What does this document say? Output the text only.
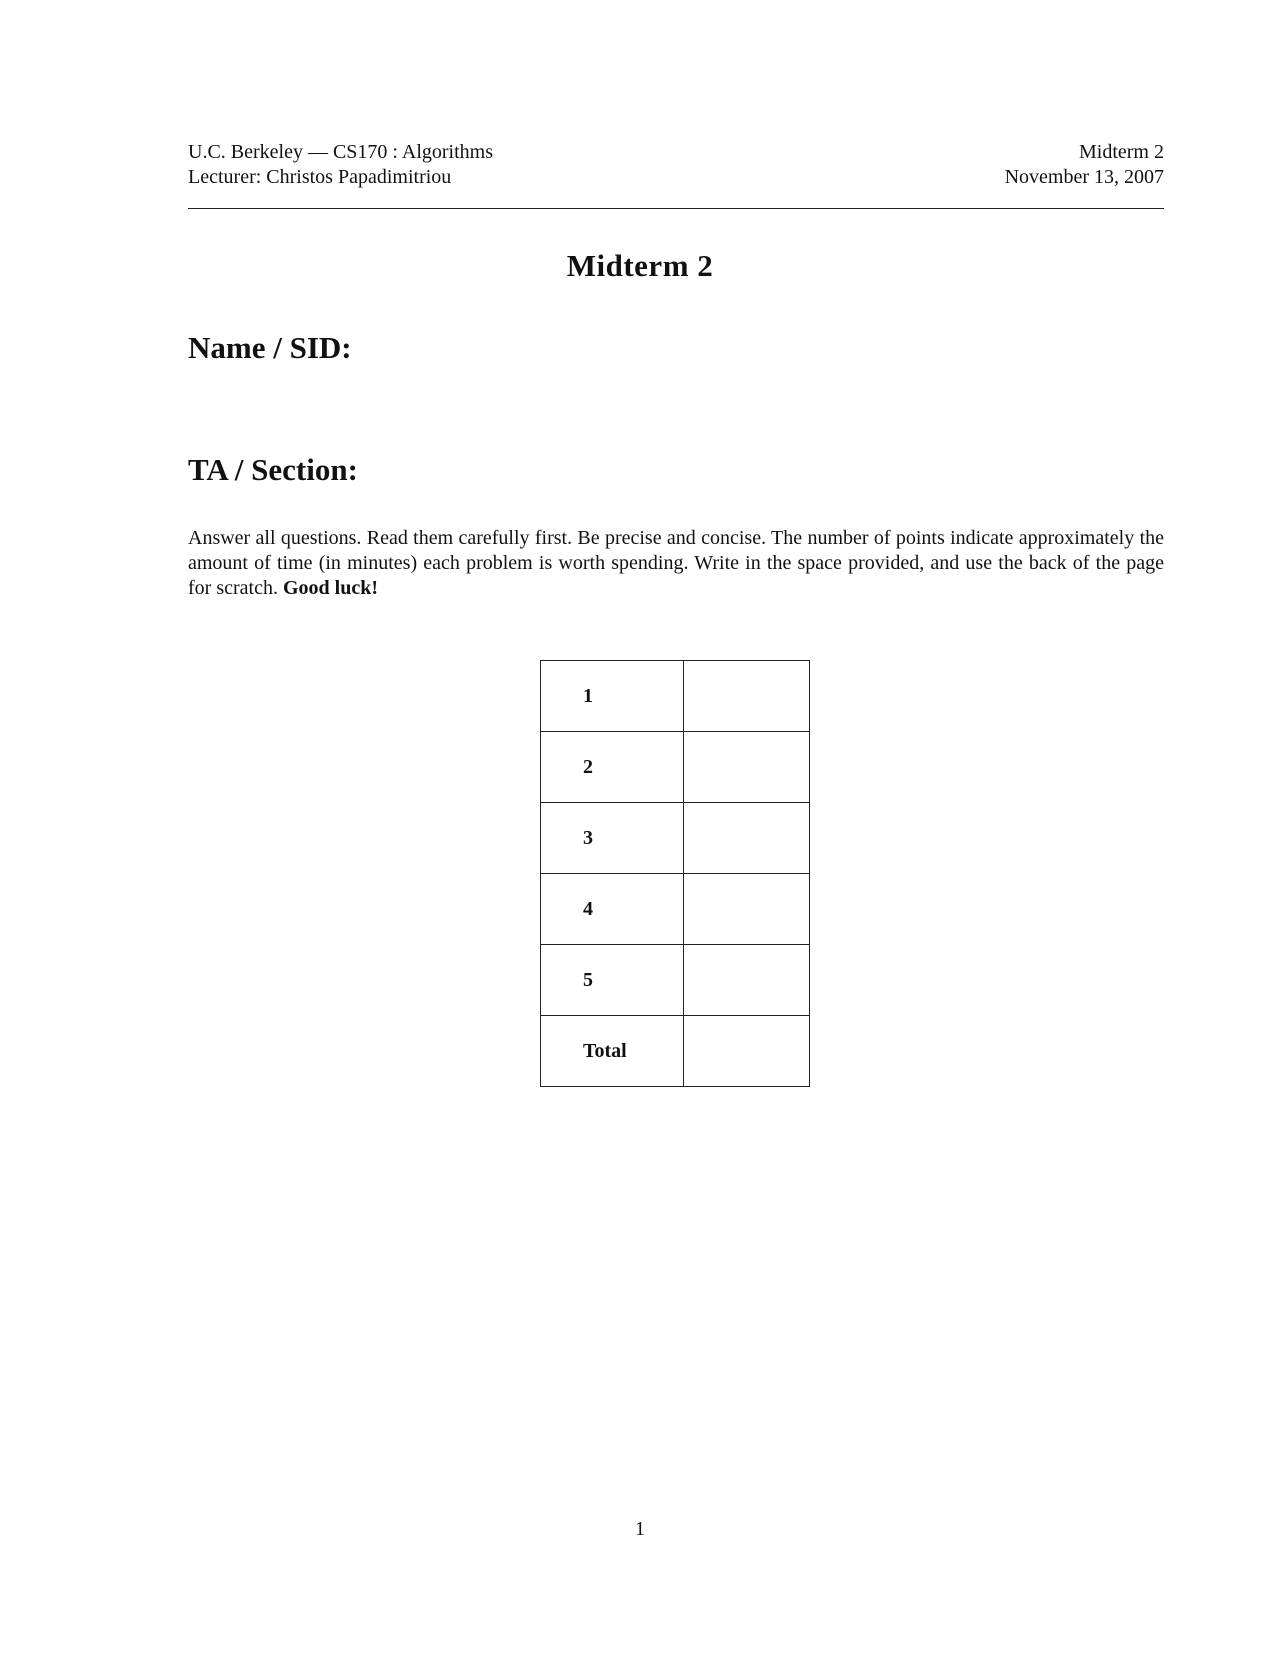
U.C. Berkeley — CS170 : Algorithms
Lecturer: Christos Papadimitriou
Midterm 2
November 13, 2007
Midterm 2
Name / SID:
TA / Section:
Answer all questions. Read them carefully first. Be precise and concise. The number of points indicate approximately the amount of time (in minutes) each problem is worth spending. Write in the space provided, and use the back of the page for scratch. Good luck!
1	
2	
3	
4	
5	
Total	
1
